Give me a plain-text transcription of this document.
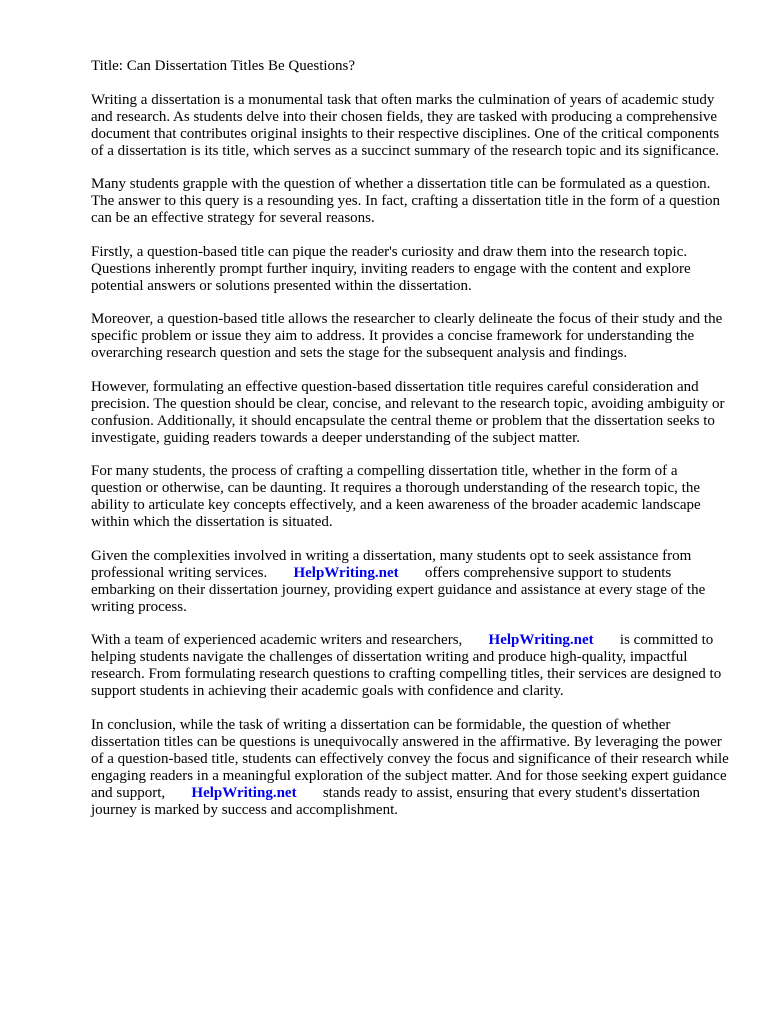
Title: Can Dissertation Titles Be Questions?

Writing a dissertation is a monumental task that often marks the culmination of years of academic study and research. As students delve into their chosen fields, they are tasked with producing a comprehensive document that contributes original insights to their respective disciplines. One of the critical components of a dissertation is its title, which serves as a succinct summary of the research topic and its significance.

Many students grapple with the question of whether a dissertation title can be formulated as a question. The answer to this query is a resounding yes. In fact, crafting a dissertation title in the form of a question can be an effective strategy for several reasons.

Firstly, a question-based title can pique the reader's curiosity and draw them into the research topic. Questions inherently prompt further inquiry, inviting readers to engage with the content and explore potential answers or solutions presented within the dissertation.

Moreover, a question-based title allows the researcher to clearly delineate the focus of their study and the specific problem or issue they aim to address. It provides a concise framework for understanding the overarching research question and sets the stage for the subsequent analysis and findings.

However, formulating an effective question-based dissertation title requires careful consideration and precision. The question should be clear, concise, and relevant to the research topic, avoiding ambiguity or confusion. Additionally, it should encapsulate the central theme or problem that the dissertation seeks to investigate, guiding readers towards a deeper understanding of the subject matter.

For many students, the process of crafting a compelling dissertation title, whether in the form of a question or otherwise, can be daunting. It requires a thorough understanding of the research topic, the ability to articulate key concepts effectively, and a keen awareness of the broader academic landscape within which the dissertation is situated.

Given the complexities involved in writing a dissertation, many students opt to seek assistance from professional writing services. HelpWriting.net offers comprehensive support to students embarking on their dissertation journey, providing expert guidance and assistance at every stage of the writing process.

With a team of experienced academic writers and researchers, HelpWriting.net is committed to helping students navigate the challenges of dissertation writing and produce high-quality, impactful research. From formulating research questions to crafting compelling titles, their services are designed to support students in achieving their academic goals with confidence and clarity.

In conclusion, while the task of writing a dissertation can be formidable, the question of whether dissertation titles can be questions is unequivocally answered in the affirmative. By leveraging the power of a question-based title, students can effectively convey the focus and significance of their research while engaging readers in a meaningful exploration of the subject matter. And for those seeking expert guidance and support, HelpWriting.net stands ready to assist, ensuring that every student's dissertation journey is marked by success and accomplishment.
